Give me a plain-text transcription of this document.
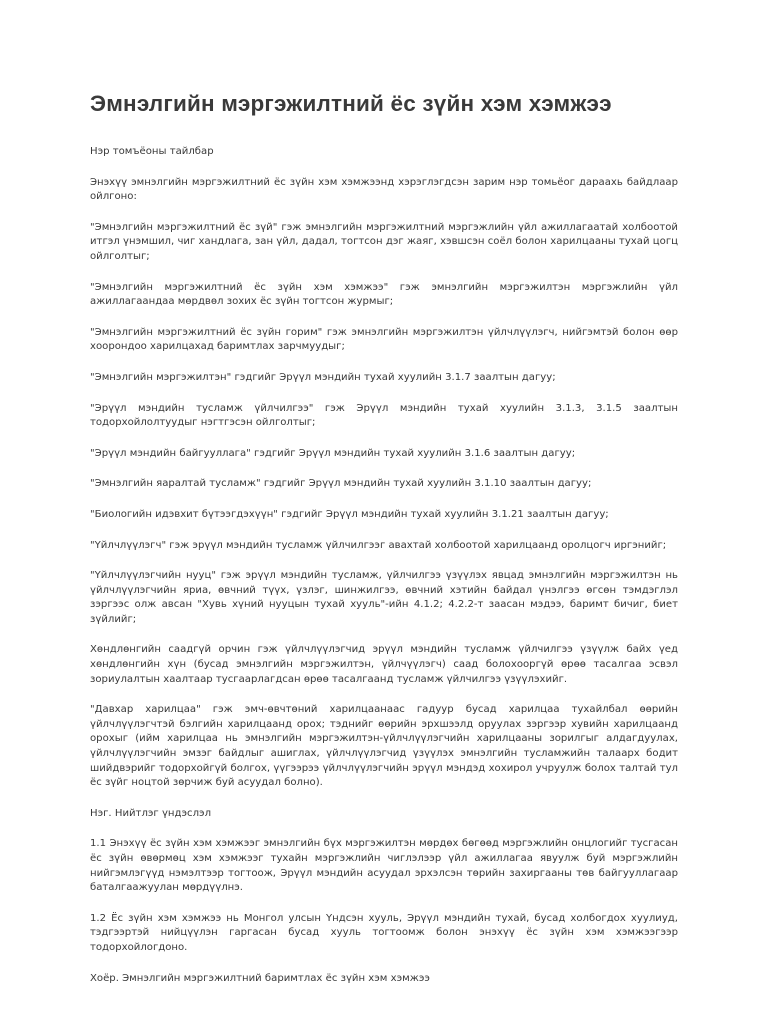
Эмнэлгийн мэргэжилтний ёс зүйн хэм хэмжээ

Нэр томъёоны тайлбар

Энэхүү эмнэлгийн мэргэжилтний ёс зүйн хэм хэмжээнд хэрэглэгдсэн зарим нэр томьёог дараахь байдлаар ойлгоно:

"Эмнэлгийн мэргэжилтний ёс зүй" гэж эмнэлгийн мэргэжилтний мэргэжлийн үйл ажиллагаатай холбоотой итгэл үнэмшил, чиг хандлага, зан үйл, дадал, тогтсон дэг жаяг, хэвшсэн соёл болон харилцааны тухай цогц ойлголтыг;

"Эмнэлгийн мэргэжилтний ёс зүйн хэм хэмжээ" гэж эмнэлгийн мэргэжилтэн мэргэжлийн үйл ажиллагаандаа мөрдвөл зохих ёс зүйн тогтсон журмыг;

"Эмнэлгийн мэргэжилтний ёс зүйн горим" гэж эмнэлгийн мэргэжилтэн үйлчлүүлэгч, нийгэмтэй болон өөр хоорондоо харилцахад баримтлах зарчмуудыг;

"Эмнэлгийн мэргэжилтэн" гэдгийг Эрүүл мэндийн тухай хуулийн 3.1.7 заалтын дагуу;

"Эрүүл мэндийн тусламж үйлчилгээ" гэж Эрүүл мэндийн тухай хуулийн 3.1.3, 3.1.5 заалтын тодорхойлолтуудыг нэгтгэсэн ойлголтыг;

"Эрүүл мэндийн байгууллага" гэдгийг Эрүүл мэндийн тухай хуулийн 3.1.6 заалтын дагуу;

"Эмнэлгийн яаралтай тусламж" гэдгийг Эрүүл мэндийн тухай хуулийн 3.1.10 заалтын дагуу;

"Биологийн идэвхит бүтээгдэхүүн" гэдгийг Эрүүл мэндийн тухай хуулийн 3.1.21 заалтын дагуу;

"Үйлчлүүлэгч" гэж эрүүл мэндийн тусламж үйлчилгээг авахтай холбоотой харилцаанд оролцогч иргэнийг;

"Үйлчлүүлэгчийн нууц" гэж эрүүл мэндийн тусламж, үйлчилгээ үзүүлэх явцад эмнэлгийн мэргэжилтэн нь үйлчлүүлэгчийн яриа, өвчний түүх, үзлэг, шинжилгээ, өвчний хэтийн байдал үнэлгээ өгсөн тэмдэглэл зэргээс олж авсан "Хувь хүний нууцын тухай хууль"-ийн 4.1.2; 4.2.2-т заасан мэдээ, баримт бичиг, биет зүйлийг;

Хөндлөнгийн саадгүй орчин гэж үйлчлүүлэгчид эрүүл мэндийн тусламж үйлчилгээ үзүүлж байх үед хөндлөнгийн хүн (бусад эмнэлгийн мэргэжилтэн, үйлчүүлэгч) саад болохооргүй өрөө тасалгаа эсвэл зориулалтын хаалтаар тусгаарлагдсан өрөө тасалгаанд тусламж үйлчилгээ үзүүлэхийг.

"Давхар харилцаа" гэж эмч-өвчтөний харилцаанаас гадуур бусад харилцаа тухайлбал өөрийн үйлчлүүлэгчтэй бэлгийн харилцаанд орох; тэднийг өөрийн эрхшээлд оруулах зэргээр хувийн харилцаанд орохыг (ийм харилцаа нь эмнэлгийн мэргэжилтэн-үйлчлүүлэгчийн харилцааны зорилгыг алдагдуулах, үйлчлүүлэгчийн эмзэг байдлыг ашиглах, үйлчлүүлэгчид үзүүлэх эмнэлгийн тусламжийн талаарх бодит шийдвэрийг тодорхойгүй болгох, үүгээрээ үйлчлүүлэгчийн эрүүл мэндэд хохирол учруулж болох талтай тул ёс зүйг ноцтой зөрчиж буй асуудал болно).

Нэг. Нийтлэг үндэслэл

1.1 Энэхүү ёс зүйн хэм хэмжээг эмнэлгийн бүх мэргэжилтэн мөрдөх бөгөөд мэргэжлийн онцлогийг тусгасан ёс зүйн өвөрмөц хэм хэмжээг тухайн мэргэжлийн чиглэлээр үйл ажиллагаа явуулж буй мэргэжлийн нийгэмлэгүүд нэмэлтээр тогтоож, Эрүүл мэндийн асуудал эрхэлсэн төрийн захиргааны төв байгууллагаар баталгаажуулан мөрдүүлнэ.

1.2 Ёс зүйн хэм хэмжээ нь Монгол улсын Үндсэн хууль, Эрүүл мэндийн тухай, бусад холбогдох хуулиуд, тэдгээртэй нийцүүлэн гаргасан бусад хууль тогтоомж болон энэхүү ёс зүйн хэм хэмжээгээр тодорхойлогдоно.

Хоёр. Эмнэлгийн мэргэжилтний баримтлах ёс зүйн хэм хэмжээ
